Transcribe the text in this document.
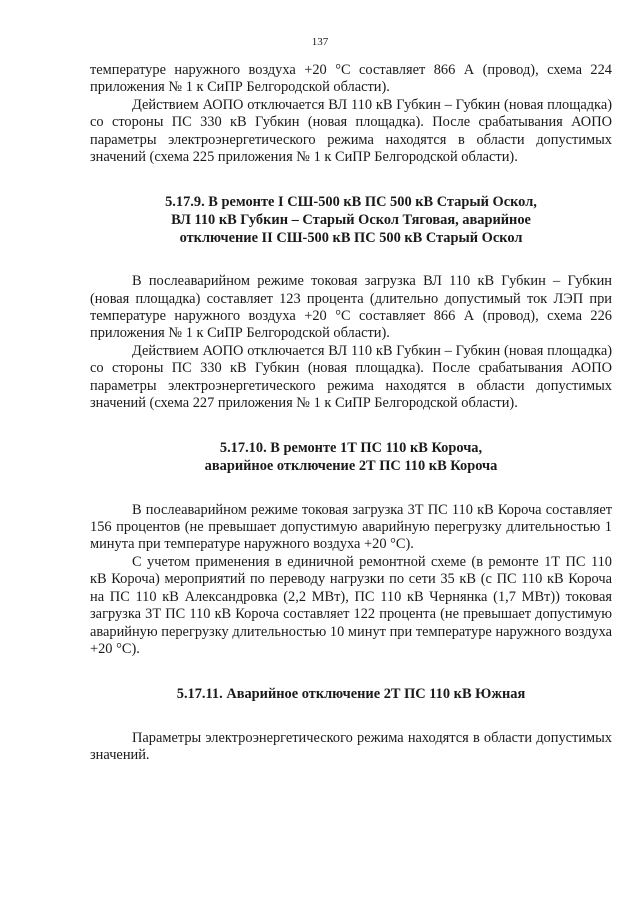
137

температуре наружного воздуха +20 °С составляет 866 А (провод), схема 224 приложения № 1 к СиПР Белгородской области).

Действием АОПО отключается ВЛ 110 кВ Губкин – Губкин (новая площадка) со стороны ПС 330 кВ Губкин (новая площадка). После срабатывания АОПО параметры электроэнергетического режима находятся в области допустимых значений (схема 225 приложения № 1 к СиПР Белгородской области).

5.17.9. В ремонте I СШ-500 кВ ПС 500 кВ Старый Оскол,
ВЛ 110 кВ Губкин – Старый Оскол Тяговая, аварийное
отключение II СШ-500 кВ ПС 500 кВ Старый Оскол

В послеаварийном режиме токовая загрузка ВЛ 110 кВ Губкин – Губкин (новая площадка) составляет 123 процента (длительно допустимый ток ЛЭП при температуре наружного воздуха +20 °С составляет 866 А (провод), схема 226 приложения № 1 к СиПР Белгородской области).

Действием АОПО отключается ВЛ 110 кВ Губкин – Губкин (новая площадка) со стороны ПС 330 кВ Губкин (новая площадка). После срабатывания АОПО параметры электроэнергетического режима находятся в области допустимых значений (схема 227 приложения № 1 к СиПР Белгородской области).

5.17.10. В ремонте 1Т ПС 110 кВ Короча,
аварийное отключение 2Т ПС 110 кВ Короча

В послеаварийном режиме токовая загрузка 3Т ПС 110 кВ Короча составляет 156 процентов (не превышает допустимую аварийную перегрузку длительностью 1 минута при температуре наружного воздуха +20 °С).

С учетом применения в единичной ремонтной схеме (в ремонте 1Т ПС 110 кВ Короча) мероприятий по переводу нагрузки по сети 35 кВ (с ПС 110 кВ Короча на ПС 110 кВ Александровка (2,2 МВт), ПС 110 кВ Чернянка (1,7 МВт)) токовая загрузка 3Т ПС 110 кВ Короча составляет 122 процента (не превышает допустимую аварийную перегрузку длительностью 10 минут при температуре наружного воздуха +20 °С).

5.17.11. Аварийное отключение 2Т ПС 110 кВ Южная

Параметры электроэнергетического режима находятся в области допустимых значений.
